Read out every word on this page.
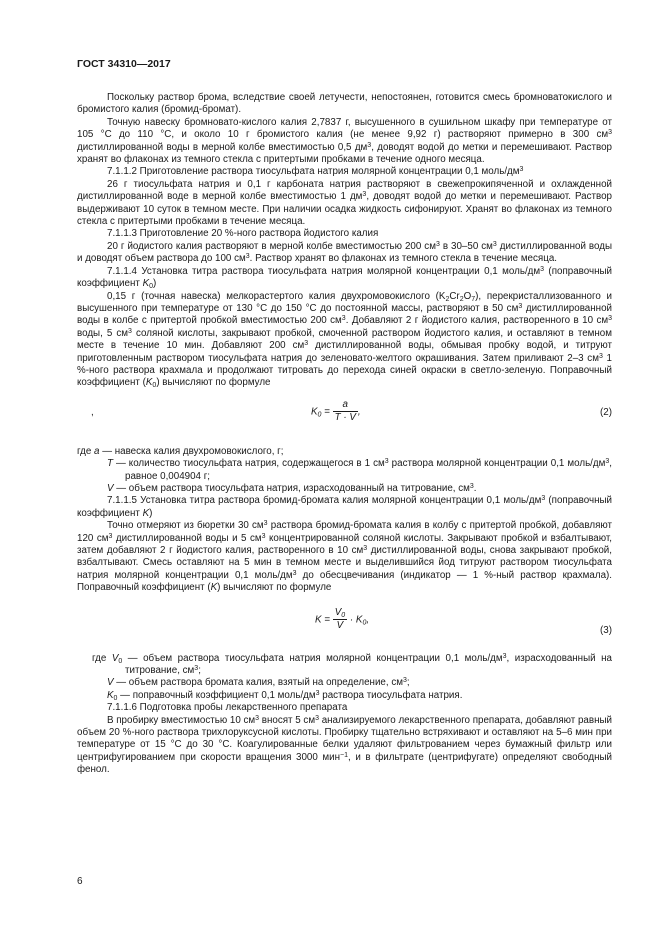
ГОСТ 34310—2017

Поскольку раствор брома, вследствие своей летучести, непостоянен, готовится смесь бромноватокислого и бромистого калия (бромид-бромат).

Точную навеску бромновато-кислого калия 2,7837 г, высушенного в сушильном шкафу при температуре от 105 °С до 110 °С, и около 10 г бромистого калия (не менее 9,92 г) растворяют примерно в 300 $см^3$ дистиллированной воды в мерной колбе вместимостью 0,5 $дм^3$, доводят водой до метки и перемешивают. Раствор хранят во флаконах из темного стекла с притертыми пробками в течение одного месяца.

7.1.1.2 Приготовление раствора тиосульфата натрия молярной концентрации 0,1 моль/$дм^3$

26 г тиосульфата натрия и 0,1 г карбоната натрия растворяют в свежепрокипяченной и охлажденной дистиллированной воде в мерной колбе вместимостью 1 $дм^3$, доводят водой до метки и перемешивают. Раствор выдерживают 10 суток в темном месте. При наличии осадка жидкость сифонируют. Хранят во флаконах из темного стекла с притертыми пробками в течение месяца.

7.1.1.3 Приготовление 20 %-ного раствора йодистого калия

20 г йодистого калия растворяют в мерной колбе вместимостью 200 $см^3$ в 30–50 $см^3$ дистиллированной воды и доводят объем раствора до 100 $см^3$. Раствор хранят во флаконах из темного стекла в течение месяца.

7.1.1.4 Установка титра раствора тиосульфата натрия молярной концентрации 0,1 моль/$дм^3$ (поправочный коэффициент $K_0$)

0,15 г (точная навеска) мелкорастертого калия двухромовокислого $(K_2Cr_2O_7)$, перекристаллизованного и высушенного при температуре от 130 °С до 150 °С до постоянной массы, растворяют в 50 $см^3$ дистиллированной воды в колбе с притертой пробкой вместимостью 200 $см^3$. Добавляют 2 г йодистого калия, растворенного в 10 $см^3$ воды, 5 $см^3$ соляной кислоты, закрывают пробкой, смоченной раствором йодистого калия, и оставляют в темном месте в течение 10 мин. Добавляют 200 $см^3$ дистиллированной воды, обмывая пробку водой, и титруют приготовленным раствором тиосульфата натрия до зеленовато-желтого окрашивания. Затем приливают 2–3 $см^3$ 1 %-ного раствора крахмала и продолжают титровать до перехода синей окраски в светло-зеленую. Поправочный коэффициент $(K_0)$ вычисляют по формуле

,	$K_0 = \frac{a}{T \cdot V}$ ,	(2)

где a — навеска калия двухромовокислого, г;

T — количество тиосульфата натрия, содержащегося в 1 $см^3$ раствора молярной концентрации 0,1 моль/$дм^3$, равное 0,004904 г;

V — объем раствора тиосульфата натрия, израсходованный на титрование, $см^3$.

7.1.1.5 Установка титра раствора бромид-бромата калия молярной концентрации 0,1 моль/$дм^3$ (поправочный коэффициент K)

Точно отмеряют из бюретки 30 $см^3$ раствора бромид-бромата калия в колбу с притертой пробкой, добавляют 120 $см^3$ дистиллированной воды и 5 $см^3$ концентрированной соляной кислоты. Закрывают пробкой и взбалтывают, затем добавляют 2 г йодистого калия, растворенного в 10 $см^3$ дистиллированной воды, снова закрывают пробкой, взбалтывают. Смесь оставляют на 5 мин в темном месте и выделившийся йод титруют раствором тиосульфата натрия молярной концентрации 0,1 моль/$дм^3$ до обесцвечивания (индикатор — 1 %-ный раствор крахмала). Поправочный коэффициент (K) вычисляют по формуле

$K = \frac{V_0}{V} \cdot K_0$,
(3)

где $V_0$ — объем раствора тиосульфата натрия молярной концентрации 0,1 моль/$дм^3$, израсходованный на титрование, $см^3$;

V — объем раствора бромата калия, взятый на определение, $см^3$;

$K_0$ — поправочный коэффициент 0,1 моль/$дм^3$ раствора тиосульфата натрия.

7.1.1.6 Подготовка пробы лекарственного препарата

В пробирку вместимостью 10 $см^3$ вносят 5 $см^3$ анализируемого лекарственного препарата, добавляют равный объем 20 %-ного раствора трихлоруксусной кислоты. Пробирку тщательно встряхивают и оставляют на 5–6 мин при температуре от 15 °С до 30 °С. Коагулированные белки удаляют фильтрованием через бумажный фильтр или центрифугированием при скорости вращения 3000 мин$^{-1}$, и в фильтрате (центрифугате) определяют свободный фенол.

6
